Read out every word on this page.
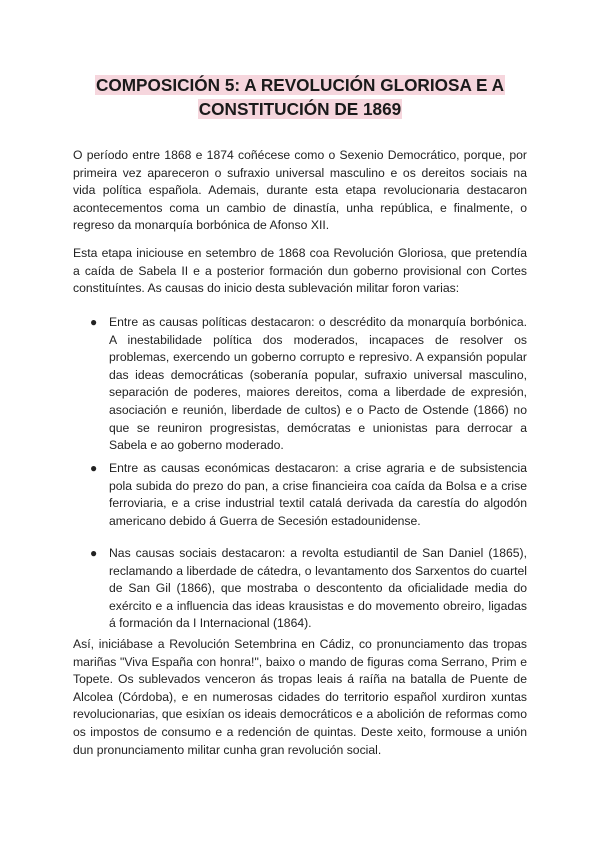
COMPOSICIÓN 5: A REVOLUCIÓN GLORIOSA E A
CONSTITUCIÓN DE 1869

O período entre 1868 e 1874 coñécese como o Sexenio Democrático, porque, por primeira vez apareceron o sufraxio universal masculino e os dereitos sociais na vida política española. Ademais, durante esta etapa revolucionaria destacaron acontecementos coma un cambio de dinastía, unha república, e finalmente, o regreso da monarquía borbónica de Afonso XII.

Esta etapa iniciouse en setembro de 1868 coa Revolución Gloriosa, que pretendía a caída de Sabela II e a posterior formación dun goberno provisional con Cortes constituíntes. As causas do inicio desta sublevación militar foron varias:

● Entre as causas políticas destacaron: o descrédito da monarquía borbónica. A inestabilidade política dos moderados, incapaces de resolver os problemas, exercendo un goberno corrupto e represivo. A expansión popular das ideas democráticas (soberanía popular, sufraxio universal masculino, separación de poderes, maiores dereitos, coma a liberdade de expresión, asociación e reunión, liberdade de cultos) e o Pacto de Ostende (1866) no que se reuniron progresistas, demócratas e unionistas para derrocar a Sabela e ao goberno moderado.

● Entre as causas económicas destacaron: a crise agraria e de subsistencia pola subida do prezo do pan, a crise financieira coa caída da Bolsa e a crise ferroviaria, e a crise industrial textil catalá derivada da carestía do algodón americano debido á Guerra de Secesión estadounidense.

● Nas causas sociais destacaron: a revolta estudiantil de San Daniel (1865), reclamando a liberdade de cátedra, o levantamento dos Sarxentos do cuartel de San Gil (1866), que mostraba o descontento da oficialidade media do exército e a influencia das ideas krausistas e do movemento obreiro, ligadas á formación da I Internacional (1864).

Así, iniciábase a Revolución Setembrina en Cádiz, co pronunciamento das tropas mariñas "Viva España con honra!", baixo o mando de figuras coma Serrano, Prim e Topete. Os sublevados venceron ás tropas leais á raíña na batalla de Puente de Alcolea (Córdoba), e en numerosas cidades do territorio español xurdiron xuntas revolucionarias, que esixían os ideais democráticos e a abolición de reformas como os impostos de consumo e a redención de quintas. Deste xeito, formouse a unión dun pronunciamento militar cunha gran revolución social.
